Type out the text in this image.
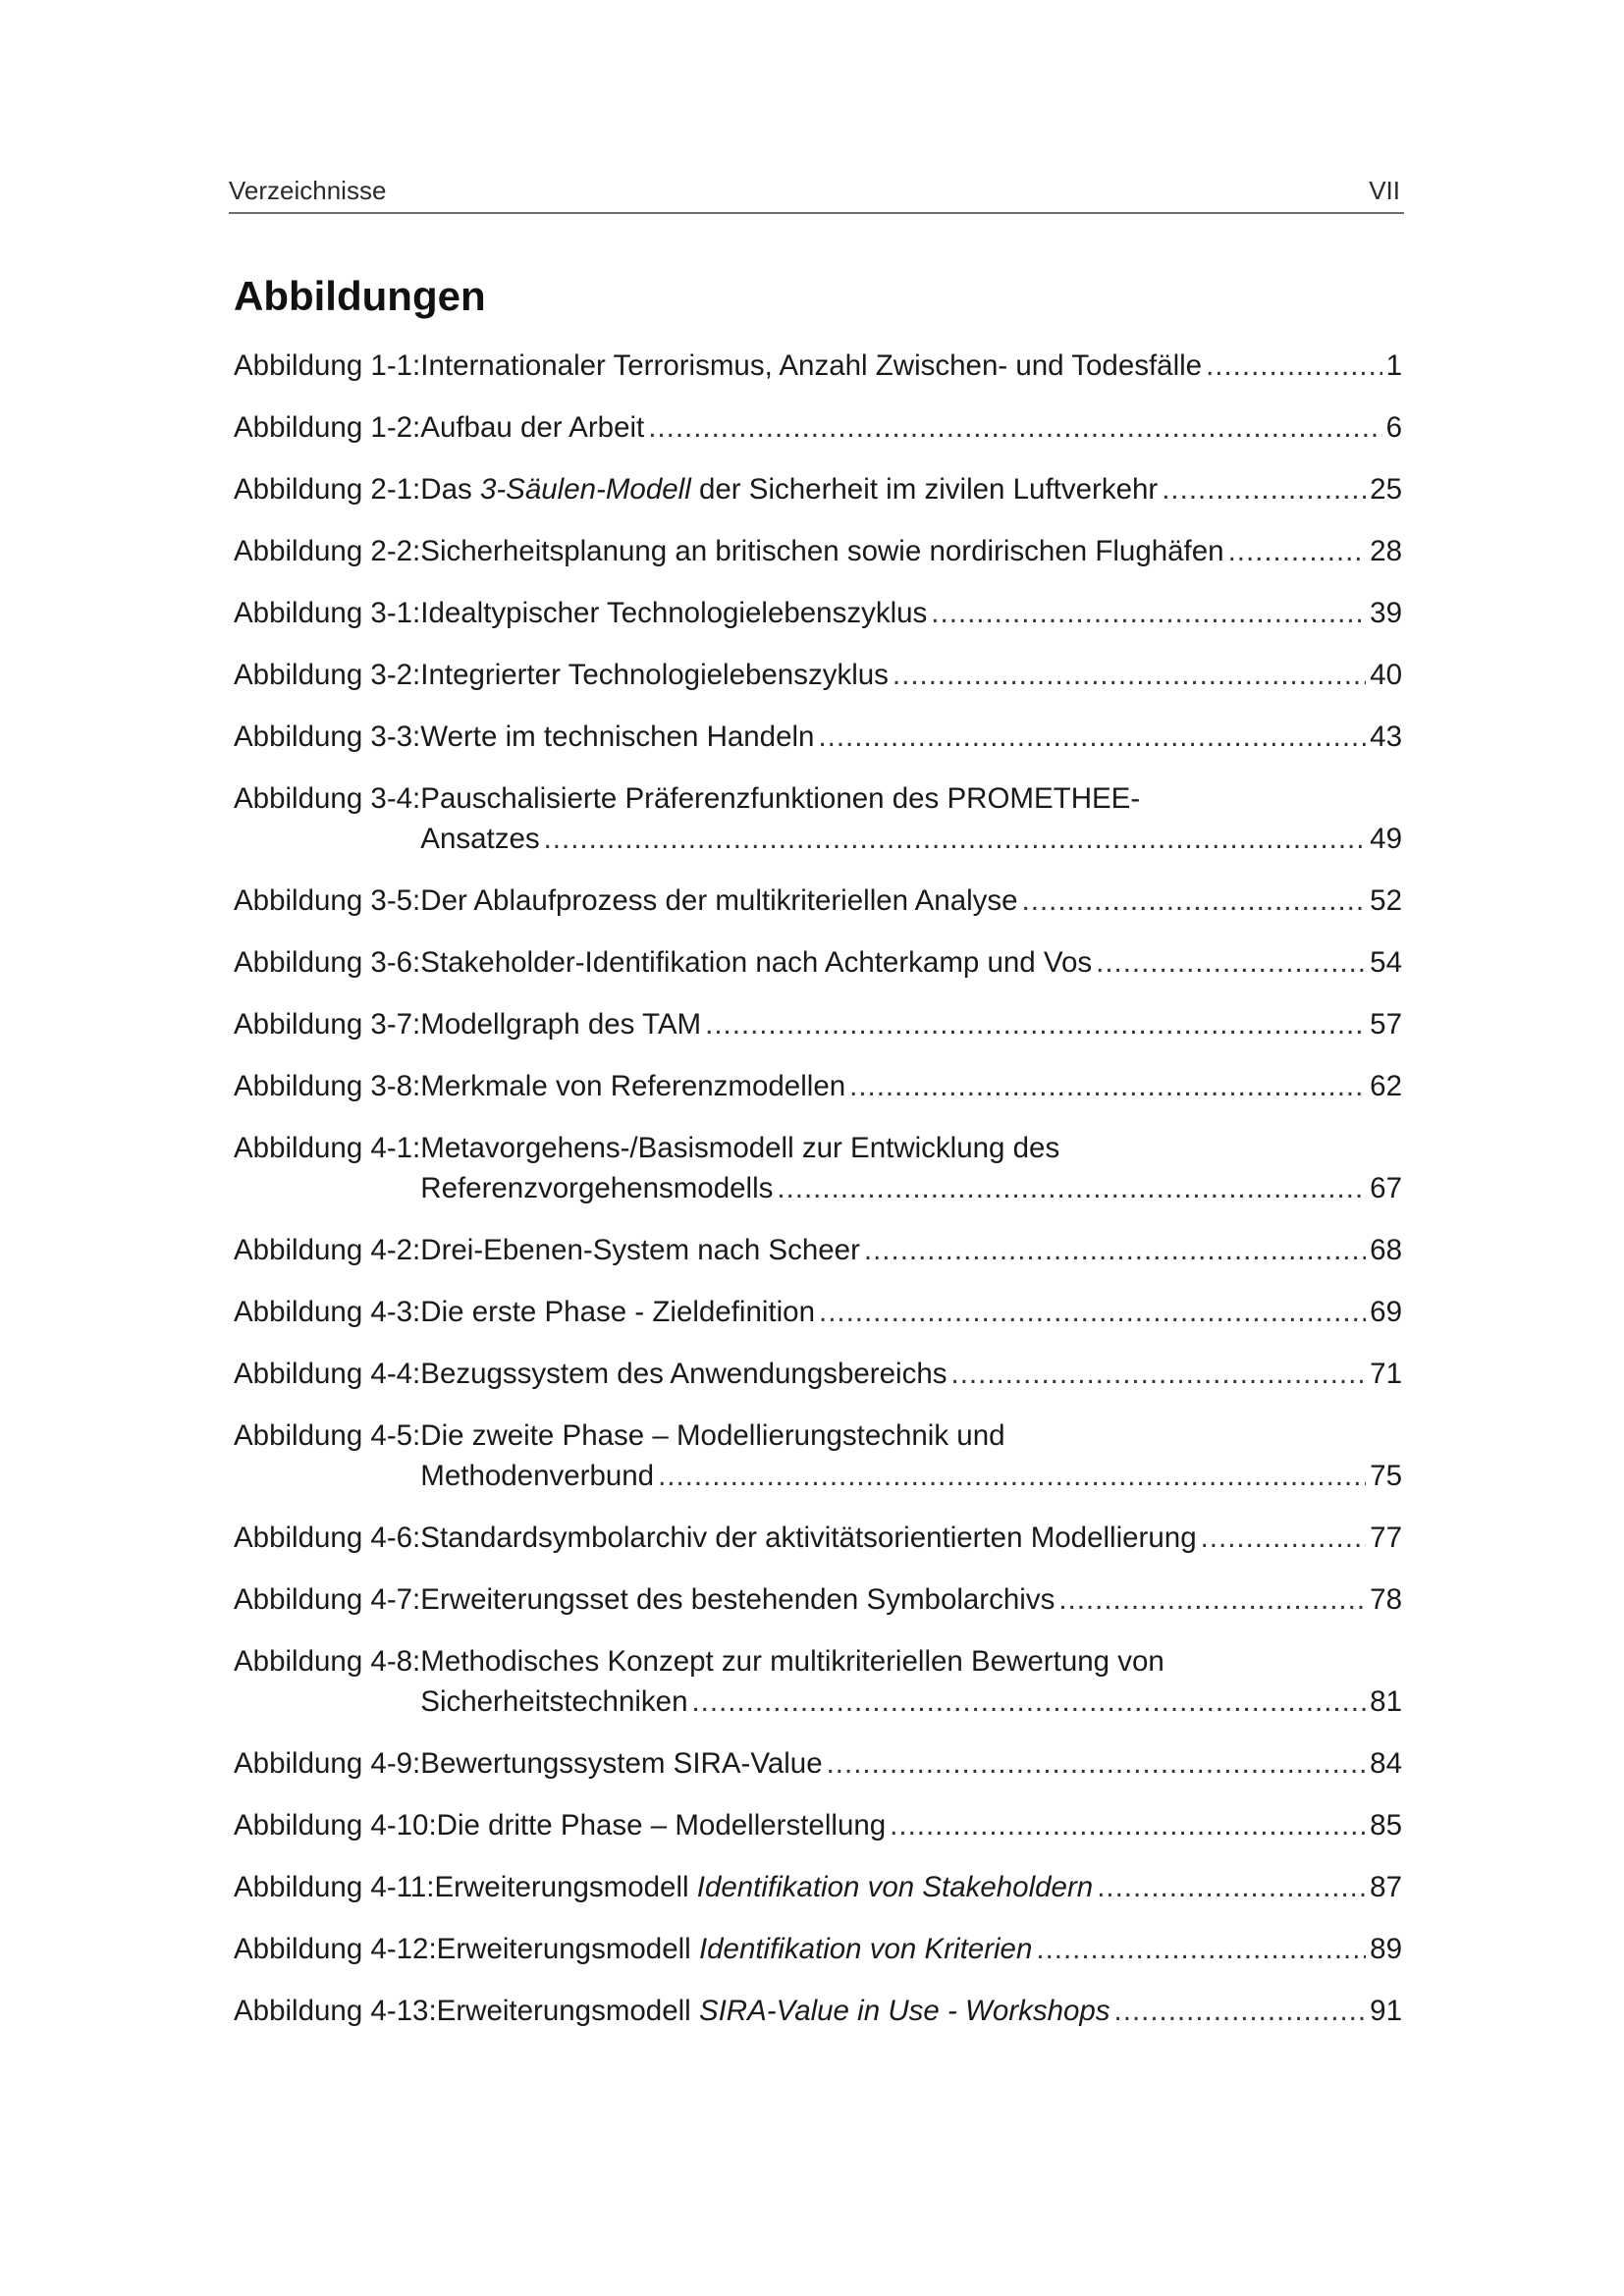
Verzeichnisse	VII
Abbildungen
Abbildung 1-1: Internationaler Terrorismus, Anzahl Zwischen- und Todesfälle .....	1
Abbildung 1-2: Aufbau der Arbeit .....	6
Abbildung 2-1: Das 3-Säulen-Modell der Sicherheit im zivilen Luftverkehr .....	25
Abbildung 2-2: Sicherheitsplanung an britischen sowie nordirischen Flughäfen .....	28
Abbildung 3-1: Idealtypischer Technologielebenszyklus .....	39
Abbildung 3-2: Integrierter Technologielebenszyklus .....	40
Abbildung 3-3: Werte im technischen Handeln .....	43
Abbildung 3-4: Pauschalisierte Präferenzfunktionen des PROMETHEE-
Ansatzes .....	49
Abbildung 3-5: Der Ablaufprozess der multikriteriellen Analyse .....	52
Abbildung 3-6: Stakeholder-Identifikation nach Achterkamp und Vos .....	54
Abbildung 3-7: Modellgraph des TAM .....	57
Abbildung 3-8: Merkmale von Referenzmodellen .....	62
Abbildung 4-1: Metavorgehens-/Basismodell zur Entwicklung des
Referenzvorgehensmodells .....	67
Abbildung 4-2: Drei-Ebenen-System nach Scheer .....	68
Abbildung 4-3: Die erste Phase - Zieldefinition .....	69
Abbildung 4-4: Bezugssystem des Anwendungsbereichs .....	71
Abbildung 4-5: Die zweite Phase – Modellierungstechnik und
Methodenverbund .....	75
Abbildung 4-6: Standardsymbolarchiv der aktivitätsorientierten Modellierung .....	77
Abbildung 4-7: Erweiterungsset des bestehenden Symbolarchivs .....	78
Abbildung 4-8: Methodisches Konzept zur multikriteriellen Bewertung von
Sicherheitstechniken .....	81
Abbildung 4-9: Bewertungssystem SIRA-Value .....	84
Abbildung 4-10: Die dritte Phase – Modellerstellung .....	85
Abbildung 4-11: Erweiterungsmodell Identifikation von Stakeholdern .....	87
Abbildung 4-12: Erweiterungsmodell Identifikation von Kriterien .....	89
Abbildung 4-13: Erweiterungsmodell SIRA-Value in Use - Workshops .....	91
